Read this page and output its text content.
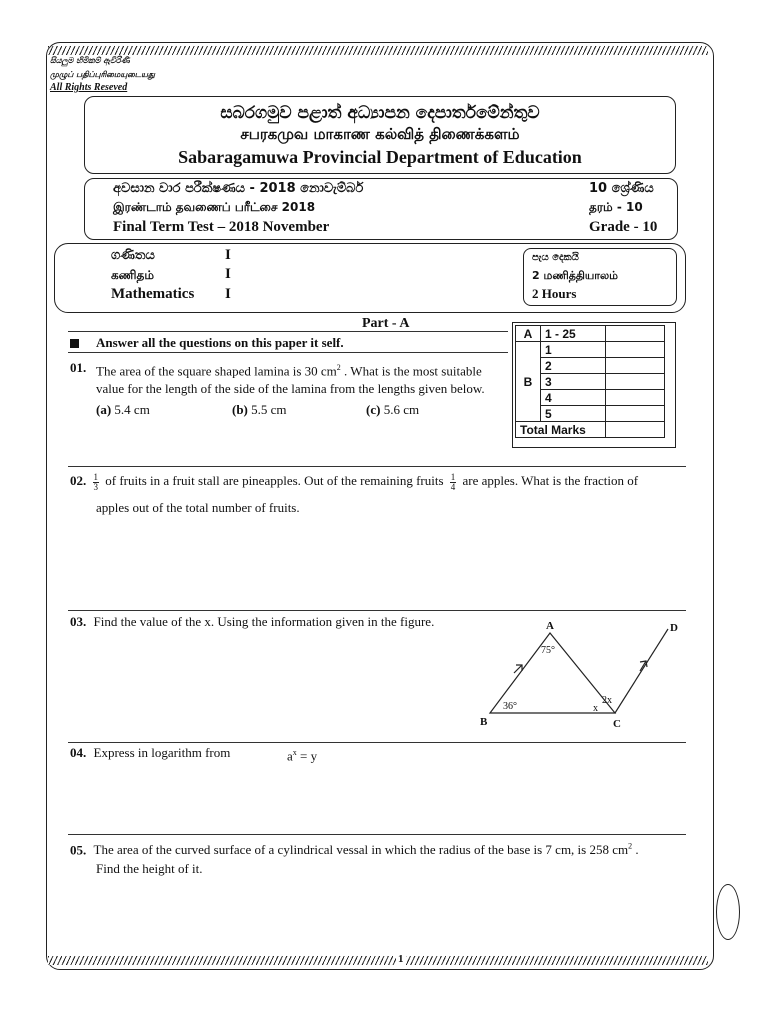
සියලුම හිමිකම් ඇවිරිණි
முழுப் பதிப்புரிமையுடையது
All Rights Reseved
සබරගමුව පළාත් අධ්‍යාපන දෙපාර්තමේන්තුව
சபரகமுவ மாகாண கல்வித் திணைக்களம்
Sabaragamuwa Provincial Department of Education
අවසාන වාර පරීක්ෂණය - 2018 නොවැම්බර්
இரண்டாம் தவணைப் பரீட்சை 2018
Final Term Test – 2018 November
10 ශ්‍රේණිය
தரம் - 10
Grade - 10
ගණිතය	I
கணிதம்	I
Mathematics I
පැය දෙකයි
2 மணித்தியாலம்
2 Hours
Part - A
Answer all the questions on this paper it self.
A	1 - 25	
B	1	
	2	
	3	
	4	
	5	
Total Marks		
01. The area of the square shaped lamina is 30 $cm^2$ . What is the most suitable
value for the length of the side of the lamina from the lengths given below.
(a) 5.4 cm	(b) 5.5 cm	(c) 5.6 cm
02. $\frac{1}{3}$ of fruits in a fruit stall are pineapples. Out of the remaining fruits $\frac{1}{4}$ are apples. What is the fraction of
apples out of the total number of fruits.
03. Find the value of the x. Using the information given in the figure.	A
B	C
D
75°
36°	x
2x
04. Express in logarithm from	$a^x = y$
05. The area of the curved surface of a cylindrical vessal in which the radius of the base is 7 cm, is 258 $cm^2$ .
Find the height of it.
1
